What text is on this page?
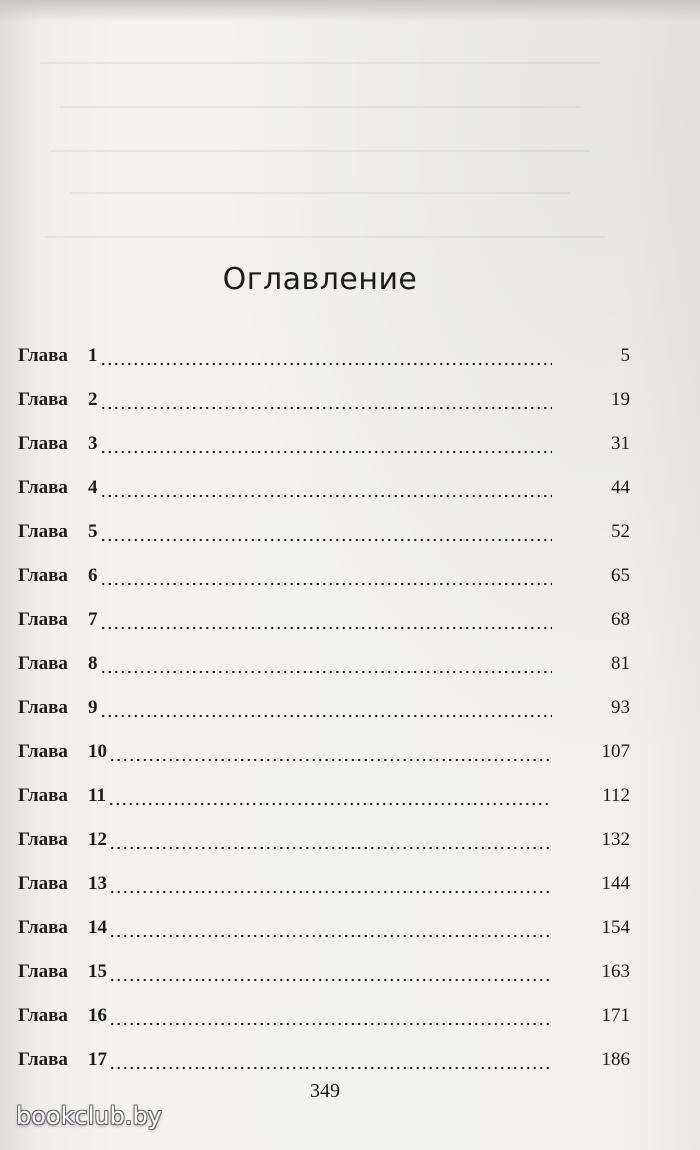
Оглавление
Глава	1	5
Глава	2	19
Глава	3	31
Глава	4	44
Глава	5	52
Глава	6	65
Глава	7	68
Глава	8	81
Глава	9	93
Глава	10	107
Глава	11	112
Глава	12	132
Глава	13	144
Глава	14	154
Глава	15	163
Глава	16	171
Глава	17	186
349
bookclub.by
